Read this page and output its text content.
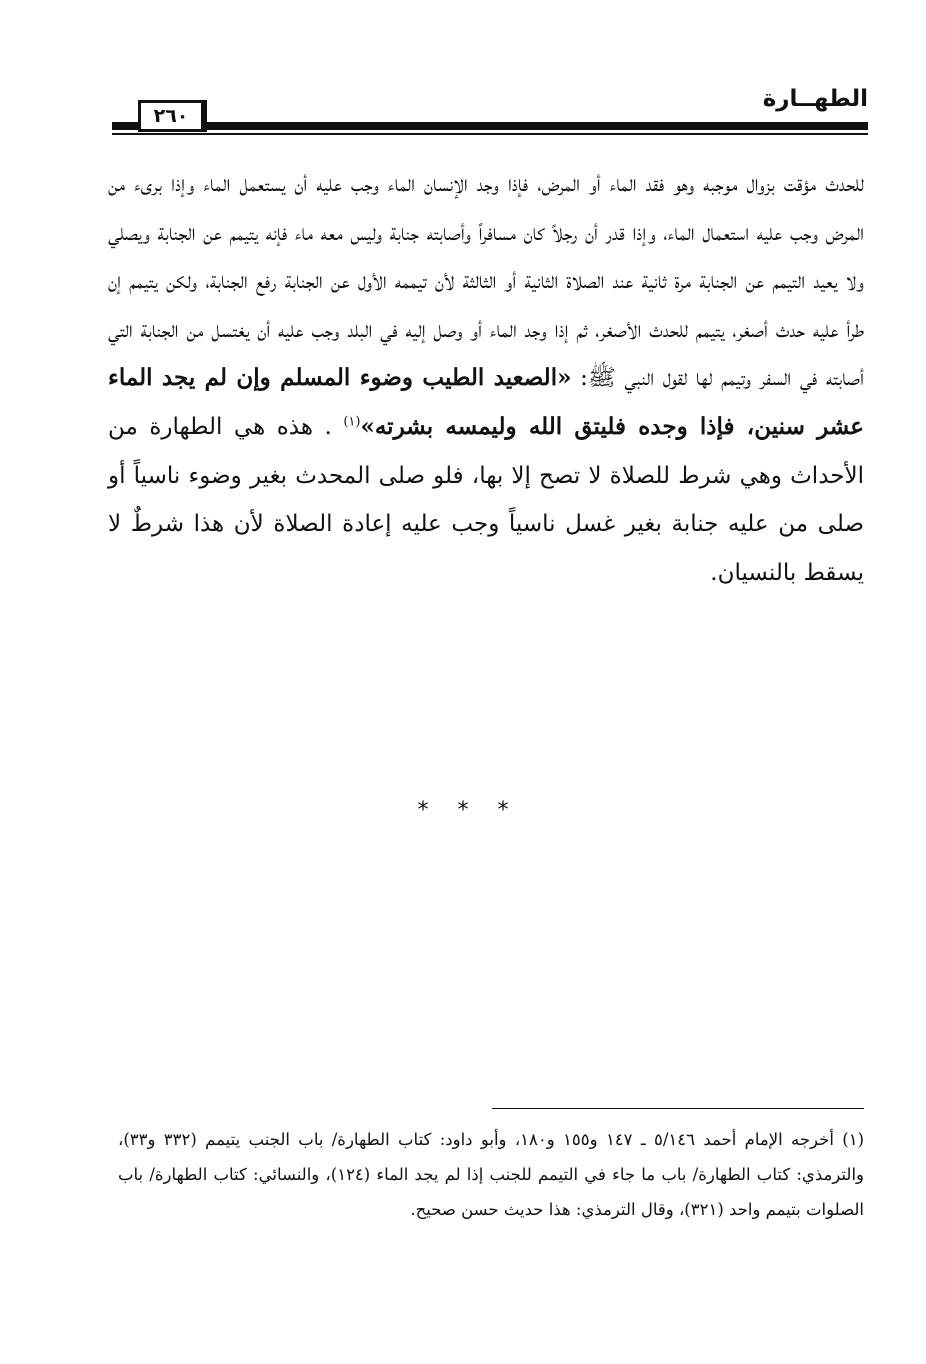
الطهــارة
٢٦٠

للحدث مؤقت بزوال موجبه وهو فقد الماء أو المرض، فإذا وجد الإنسان الماء وجب عليه أن يستعمل الماء وإذا برىء من المرض وجب عليه استعمال الماء، وإذا قدر أن رجلاً كان مسافراً وأصابته جنابة وليس معه ماء فإنه يتيمم عن الجنابة ويصلي ولا يعيد التيمم عن الجنابة مرة ثانية عند الصلاة الثانية أو الثالثة لأن تيممه الأول عن الجنابة رفع الجنابة، ولكن يتيمم إن طرأ عليه حدث أصغر، يتيمم للحدث الأصغر، ثم إذا وجد الماء أو وصل إليه في البلد وجب عليه أن يغتسل من الجنابة التي أصابته في السفر وتيمم لها لقول النبي ﷺ: «الصعيد الطيب وضوء المسلم وإن لم يجد الماء عشر سنين، فإذا وجده فليتق الله وليمسه بشرته»$^{(١)}$ . هذه هي الطهارة من الأحداث وهي شرط للصلاة لا تصح إلا بها، فلو صلى المحدث بغير وضوء ناسياً أو صلى من عليه جنابة بغير غسل ناسياً وجب عليه إعادة الصلاة لأن هذا شرطٌ لا يسقط بالنسيان.

* * *

(١) أخرجه الإمام أحمد ٥/١٤٦ ـ ١٤٧ و١٥٥ و١٨٠، وأبو داود: كتاب الطهارة/ باب الجنب يتيمم (٣٣٢ و٣٣)، والترمذي: كتاب الطهارة/ باب ما جاء في التيمم للجنب إذا لم يجد الماء (١٢٤)، والنسائي: كتاب الطهارة/ باب الصلوات بتيمم واحد (٣٢١)، وقال الترمذي: هذا حديث حسن صحيح.
